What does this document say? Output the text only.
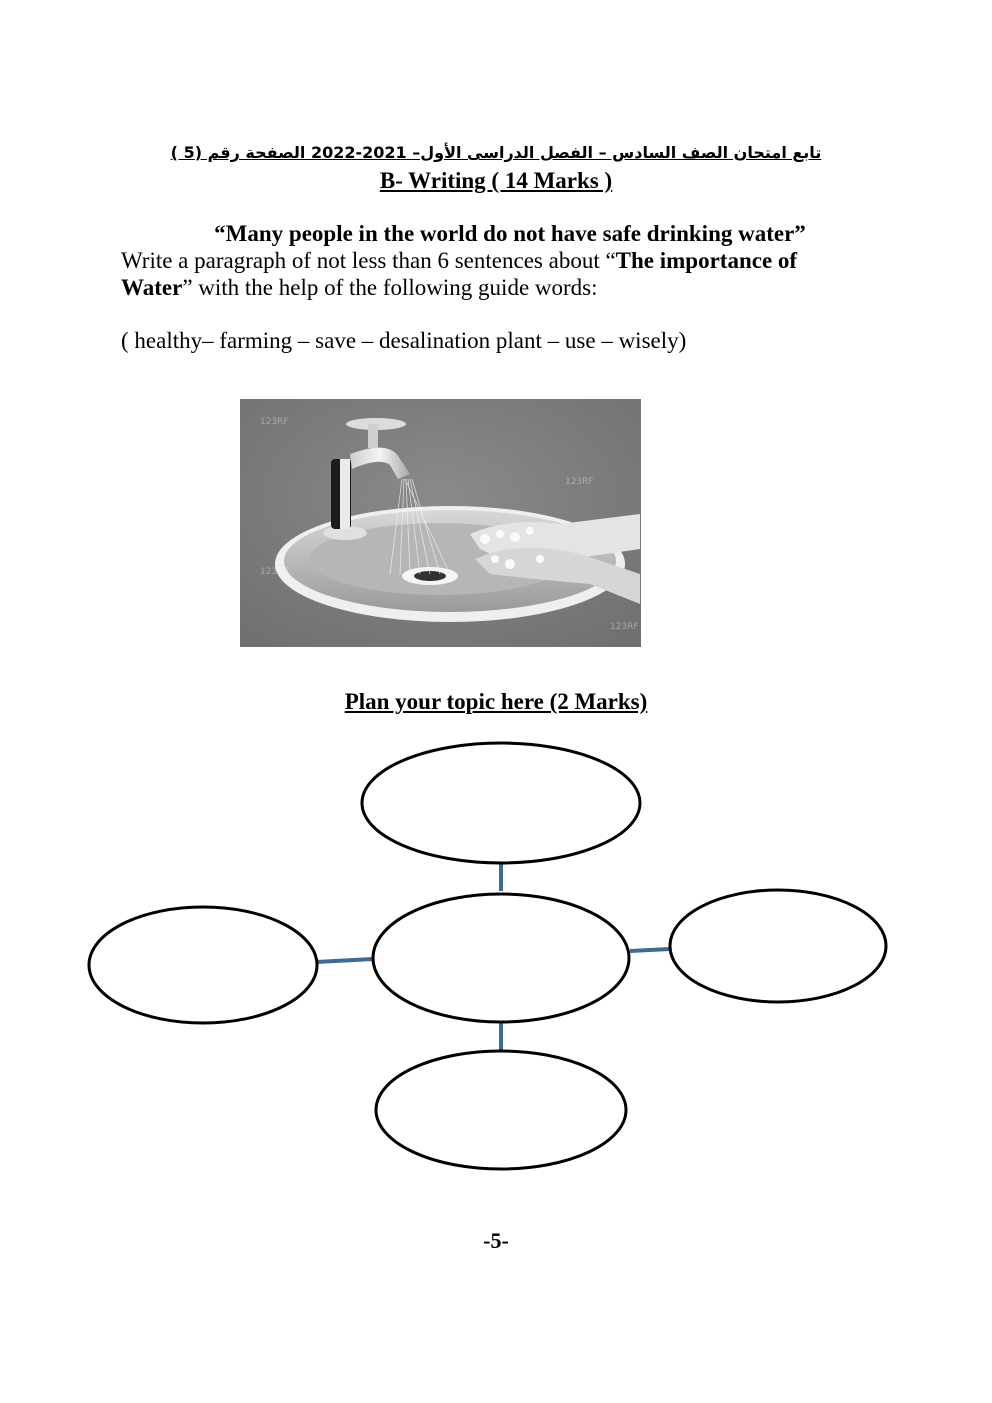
تابع امتحان الصف السادس – الفصل الدراسى الأول– 2021-2022 الصفحة رقم (5 )
B- Writing ( 14 Marks )
“Many people in the world do not have safe drinking water”
Write a paragraph of not less than 6 sentences about “The importance of Water” with the help of the following guide words:
( healthy– farming – save – desalination plant – use – wisely)
123RF
123RF
123RF
123RF
Plan your topic here (2 Marks)
-5-
